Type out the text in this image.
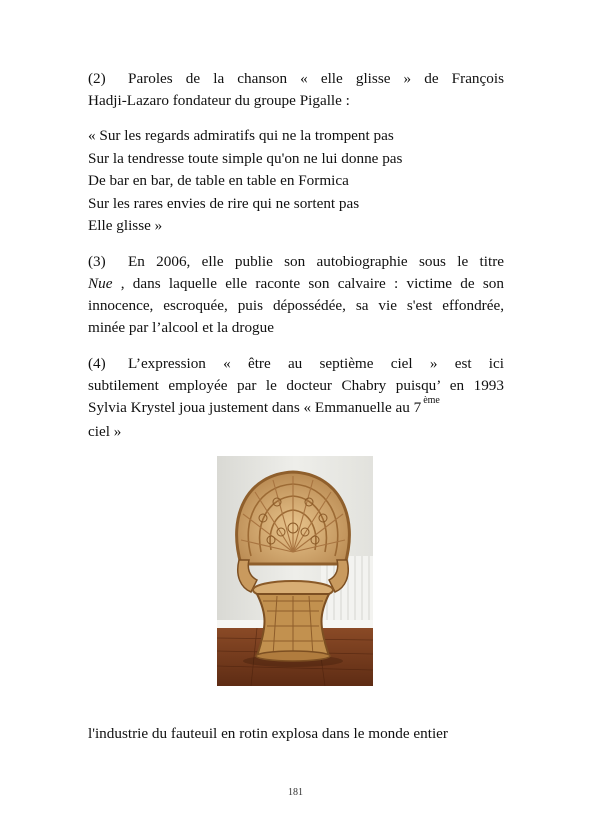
(2) Paroles de la chanson « elle glisse » de François
Hadji-Lazaro fondateur du groupe Pigalle :
« Sur les regards admiratifs qui ne la trompent pas
Sur la tendresse toute simple qu'on ne lui donne pas
De bar en bar, de table en table en Formica
Sur les rares envies de rire qui ne sortent pas
Elle glisse »
(3) En 2006, elle publie son autobiographie sous le titre
Nue , dans laquelle elle raconte son calvaire : victime de son
innocence, escroquée, puis dépossédée, sa vie s'est effondrée,
minée par l’alcool et la drogue
(4) L’expression « être au septième ciel » est ici
subtilement employée par le docteur Chabry puisqu’ en 1993
Sylvia Krystel joua justement dans « Emmanuelle au 7 $^{ème}$
ciel »
l'industrie du fauteuil en rotin explosa dans le monde entier
181
